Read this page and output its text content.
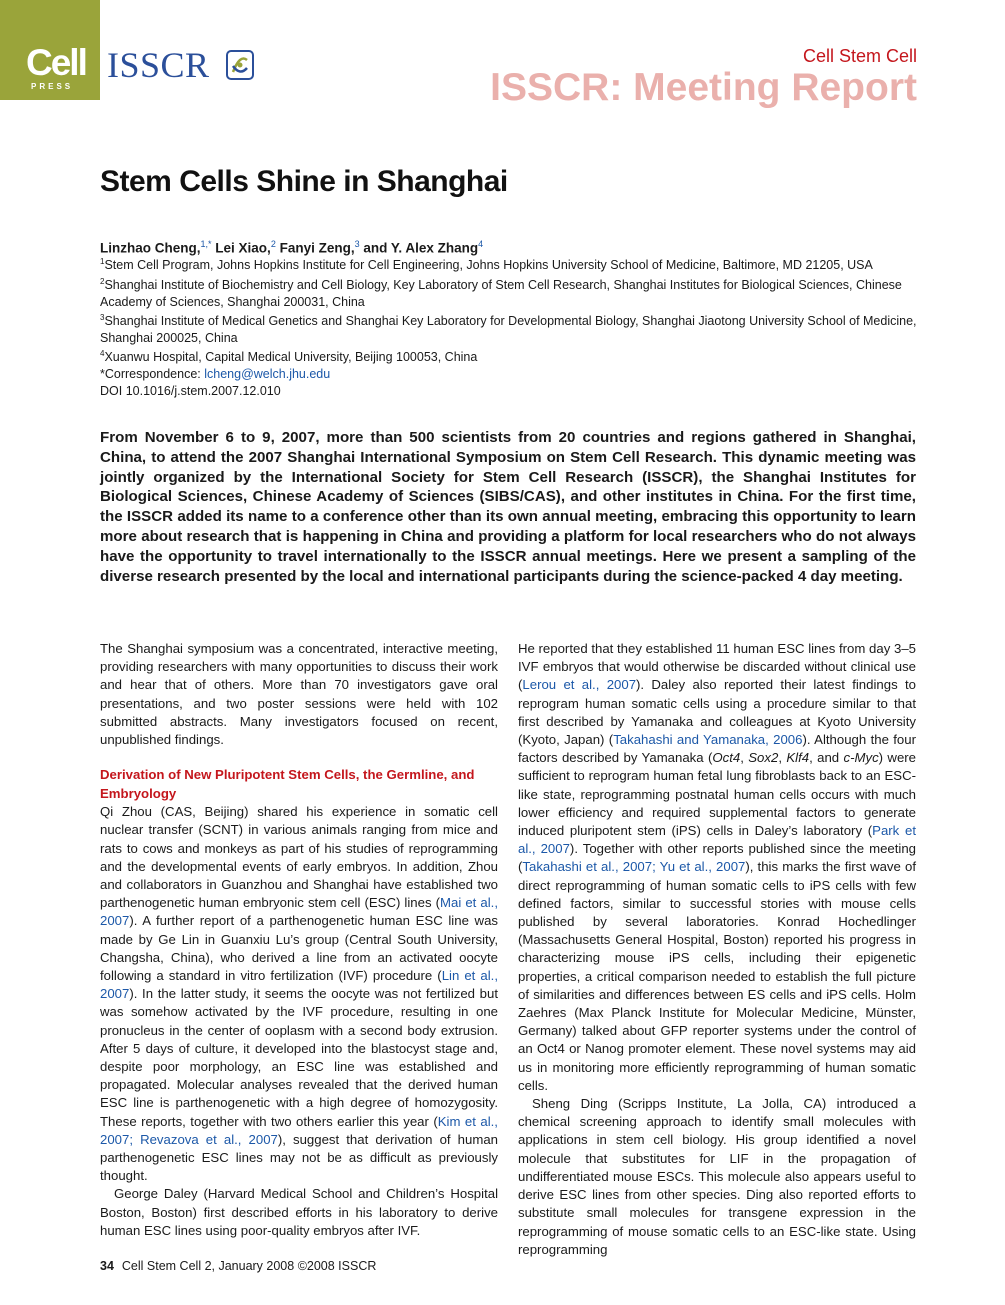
Cell
PRESS
ISSCR	Cell Stem Cell
ISSCR: Meeting Report
Stem Cells Shine in Shanghai
Linzhao Cheng,$^{1,*}$ Lei Xiao,$^2$ Fanyi Zeng,$^3$ and Y. Alex Zhang$^4$
$^1$Stem Cell Program, Johns Hopkins Institute for Cell Engineering, Johns Hopkins University School of Medicine, Baltimore, MD 21205, USA
$^2$Shanghai Institute of Biochemistry and Cell Biology, Key Laboratory of Stem Cell Research, Shanghai Institutes for Biological Sciences, Chinese Academy of Sciences, Shanghai 200031, China
$^3$Shanghai Institute of Medical Genetics and Shanghai Key Laboratory for Developmental Biology, Shanghai Jiaotong University School of Medicine, Shanghai 200025, China
$^4$Xuanwu Hospital, Capital Medical University, Beijing 100053, China
*Correspondence: lcheng@welch.jhu.edu
DOI 10.1016/j.stem.2007.12.010

From November 6 to 9, 2007, more than 500 scientists from 20 countries and regions gathered in Shanghai, China, to attend the 2007 Shanghai International Symposium on Stem Cell Research. This dynamic meeting was jointly organized by the International Society for Stem Cell Research (ISSCR), the Shanghai Institutes for Biological Sciences, Chinese Academy of Sciences (SIBS/CAS), and other institutes in China. For the first time, the ISSCR added its name to a conference other than its own annual meeting, embracing this opportunity to learn more about research that is happening in China and providing a platform for local researchers who do not always have the opportunity to travel internationally to the ISSCR annual meetings. Here we present a sampling of the diverse research presented by the local and international participants during the science-packed 4 day meeting.

The Shanghai symposium was a concentrated, interactive meeting, providing researchers with many opportunities to discuss their work and hear that of others. More than 70 investigators gave oral presentations, and two poster sessions were held with 102 submitted abstracts. Many investigators focused on recent, unpublished findings.

Derivation of New Pluripotent Stem Cells, the Germline, and Embryology

Qi Zhou (CAS, Beijing) shared his experience in somatic cell nuclear transfer (SCNT) in various animals ranging from mice and rats to cows and monkeys as part of his studies of reprogramming and the developmental events of early embryos. In addition, Zhou and collaborators in Guanzhou and Shanghai have established two parthenogenetic human embryonic stem cell (ESC) lines (Mai et al., 2007). A further report of a parthenogenetic human ESC line was made by Ge Lin in Guanxiu Lu’s group (Central South University, Changsha, China), who derived a line from an activated oocyte following a standard in vitro fertilization (IVF) procedure (Lin et al., 2007). In the latter study, it seems the oocyte was not fertilized but was somehow activated by the IVF procedure, resulting in one pronucleus in the center of ooplasm with a second body extrusion. After 5 days of culture, it developed into the blastocyst stage and, despite poor morphology, an ESC line was established and propagated. Molecular analyses revealed that the derived human ESC line is parthenogenetic with a high degree of homozygosity. These reports, together with two others earlier this year (Kim et al., 2007; Revazova et al., 2007), suggest that derivation of human parthenogenetic ESC lines may not be as difficult as previously thought.

George Daley (Harvard Medical School and Children’s Hospital Boston, Boston) first described efforts in his laboratory to derive human ESC lines using poor-quality embryos after IVF.

He reported that they established 11 human ESC lines from day 3–5 IVF embryos that would otherwise be discarded without clinical use (Lerou et al., 2007). Daley also reported their latest findings to reprogram human somatic cells using a procedure similar to that first described by Yamanaka and colleagues at Kyoto University (Kyoto, Japan) (Takahashi and Yamanaka, 2006). Although the four factors described by Yamanaka (Oct4, Sox2, Klf4, and c-Myc) were sufficient to reprogram human fetal lung fibroblasts back to an ESC-like state, reprogramming postnatal human cells occurs with much lower efficiency and required supplemental factors to generate induced pluripotent stem (iPS) cells in Daley’s laboratory (Park et al., 2007). Together with other reports published since the meeting (Takahashi et al., 2007; Yu et al., 2007), this marks the first wave of direct reprogramming of human somatic cells to iPS cells with few defined factors, similar to successful stories with mouse cells published by several laboratories. Konrad Hochedlinger (Massachusetts General Hospital, Boston) reported his progress in characterizing mouse iPS cells, including their epigenetic properties, a critical comparison needed to establish the full picture of similarities and differences between ES cells and iPS cells. Holm Zaehres (Max Planck Institute for Molecular Medicine, Münster, Germany) talked about GFP reporter systems under the control of an Oct4 or Nanog promoter element. These novel systems may aid us in monitoring more efficiently reprogramming of human somatic cells.

Sheng Ding (Scripps Institute, La Jolla, CA) introduced a chemical screening approach to identify small molecules with applications in stem cell biology. His group identified a novel molecule that substitutes for LIF in the propagation of undifferentiated mouse ESCs. This molecule also appears useful to derive ESC lines from other species. Ding also reported efforts to substitute small molecules for transgene expression in the reprogramming of mouse somatic cells to an ESC-like state. Using reprogramming

34 Cell Stem Cell 2, January 2008 ©2008 ISSCR
